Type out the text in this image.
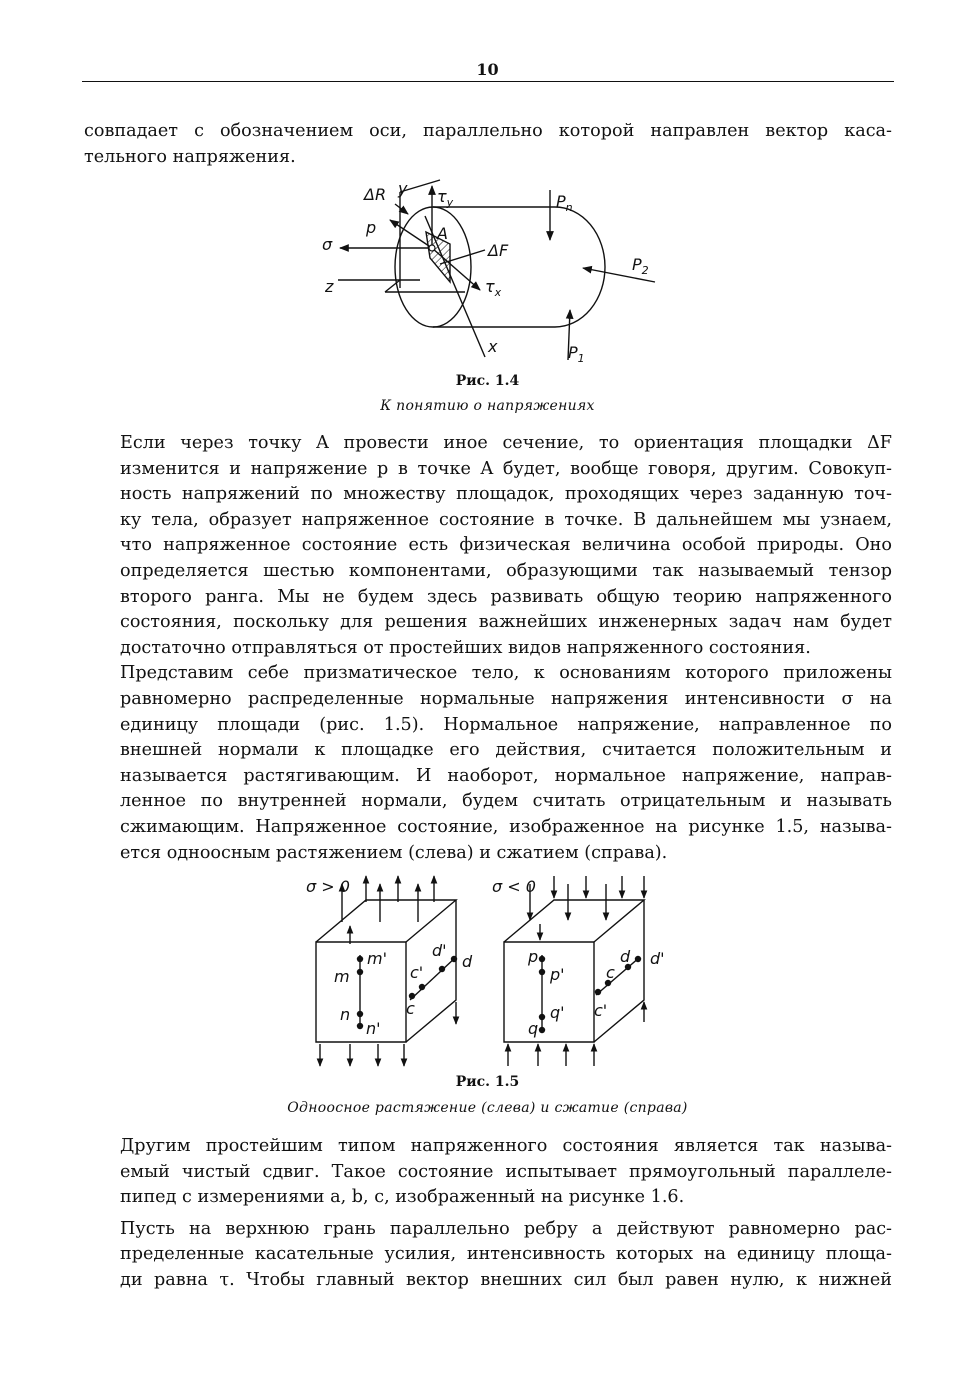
10

совпадает с обозначением оси, параллельно которой направлен вектор каса-
тельного напряжения.

ΔR y $\tau_y$	$P_n$
p	A
σ	ΔF
$P_2$
z	$\tau_x$
x	$P_1$
Рис. 1.4
К понятию о напряжениях

Если через точку A провести иное сечение, то ориентация площадки ΔF
изменится и напряжение p в точке A будет, вообще говоря, другим. Совокуп-
ность напряжений по множеству площадок, проходящих через заданную точ-
ку тела, образует напряженное состояние в точке. В дальнейшем мы узнаем,
что напряженное состояние есть физическая величина особой природы. Оно
определяется шестью компонентами, образующими так называемый тензор
второго ранга. Мы не будем здесь развивать общую теорию напряженного
состояния, поскольку для решения важнейших инженерных задач нам будет
достаточно отправляться от простейших видов напряженного состояния.

Представим себе призматическое тело, к основаниям которого приложены
равномерно распределенные нормальные напряжения интенсивности σ на
единицу площади (рис. 1.5). Нормальное напряжение, направленное по
внешней нормали к площадке его действия, считается положительным и
называется растягивающим. И наоборот, нормальное напряжение, направ-
ленное по внутренней нормали, будем считать отрицательным и называть
сжимающим. Напряженное состояние, изображенное на рисунке 1.5, называ-
ется одноосным растяжением (слева) и сжатием (справа).

σ > 0
m'
m
n
n'
d'
d
c'
c
σ < 0
p
p'
q
q'
d d'
c
c'
Рис. 1.5
Одноосное растяжение (слева) и сжатие (справа)

Другим простейшим типом напряженного состояния является так называ-
емый чистый сдвиг. Такое состояние испытывает прямоугольный параллеле-
пипед с измерениями a, b, c, изображенный на рисунке 1.6.

Пусть на верхнюю грань параллельно ребру a действуют равномерно рас-
пределенные касательные усилия, интенсивность которых на единицу площа-
ди равна τ. Чтобы главный вектор внешних сил был равен нулю, к нижней
